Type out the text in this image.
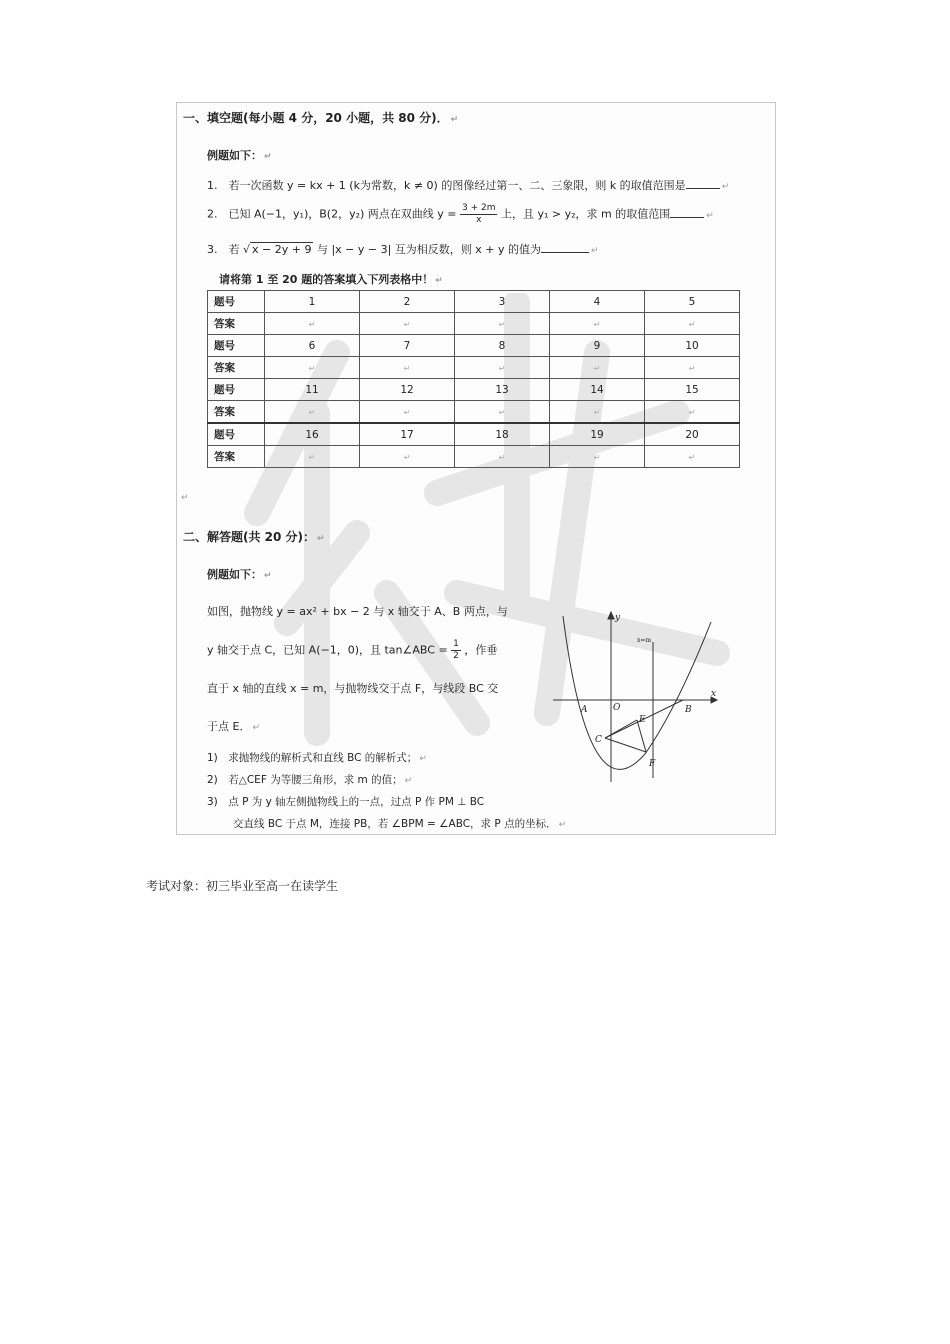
一、填空题(每小题 4 分，20 小题，共 80 分)． ↵
例题如下： ↵
1.　若一次函数 y = kx + 1 (k为常数，k ≠ 0) 的图像经过第一、二、三象限，则 k 的取值范围是	↵
2.　已知 A(−1，y₁)，B(2，y₂) 两点在双曲线 $y = \frac{3 + 2m}{x}$ 上，且 y₁ > y₂，求 m 的取值范围	↵
3.　若 √ x − 2y + 9 与 |x − y − 3| 互为相反数，则 x + y 的值为	↵
请将第 1 至 20 题的答案填入下列表格中！ ↵
题号	1	2	3	4	5
答案	↵	↵	↵	↵	↵
题号	6	7	8	9	10
答案	↵	↵	↵	↵	↵
题号	11	12	13	14	15
答案	↵	↵	↵	↵	↵
题号	16	17	18	19	20
答案	↵	↵	↵	↵	↵
↵
二、解答题(共 20 分)： ↵
例题如下： ↵
如图，抛物线 y = ax² + bx − 2 与 x 轴交于 A、B 两点，与
y 轴交于点 C，已知 A(−1，0)，且 tan∠ABC = $\frac{1}{2}$ ，作垂
直于 x 轴的直线 x = m，与抛物线交于点 F，与线段 BC 交
于点 E． ↵
1)　求抛物线的解析式和直线 BC 的解析式； ↵
2)　若△CEF 为等腰三角形，求 m 的值； ↵
3)　点 P 为 y 轴左侧抛物线上的一点，过点 P 作 PM ⊥ BC
交直线 BC 于点 M，连接 PB，若 ∠BPM = ∠ABC，求 P 点的坐标． ↵
y
x
A	O	B
C
E
F
x=m
考试对象：初三毕业至高一在读学生
